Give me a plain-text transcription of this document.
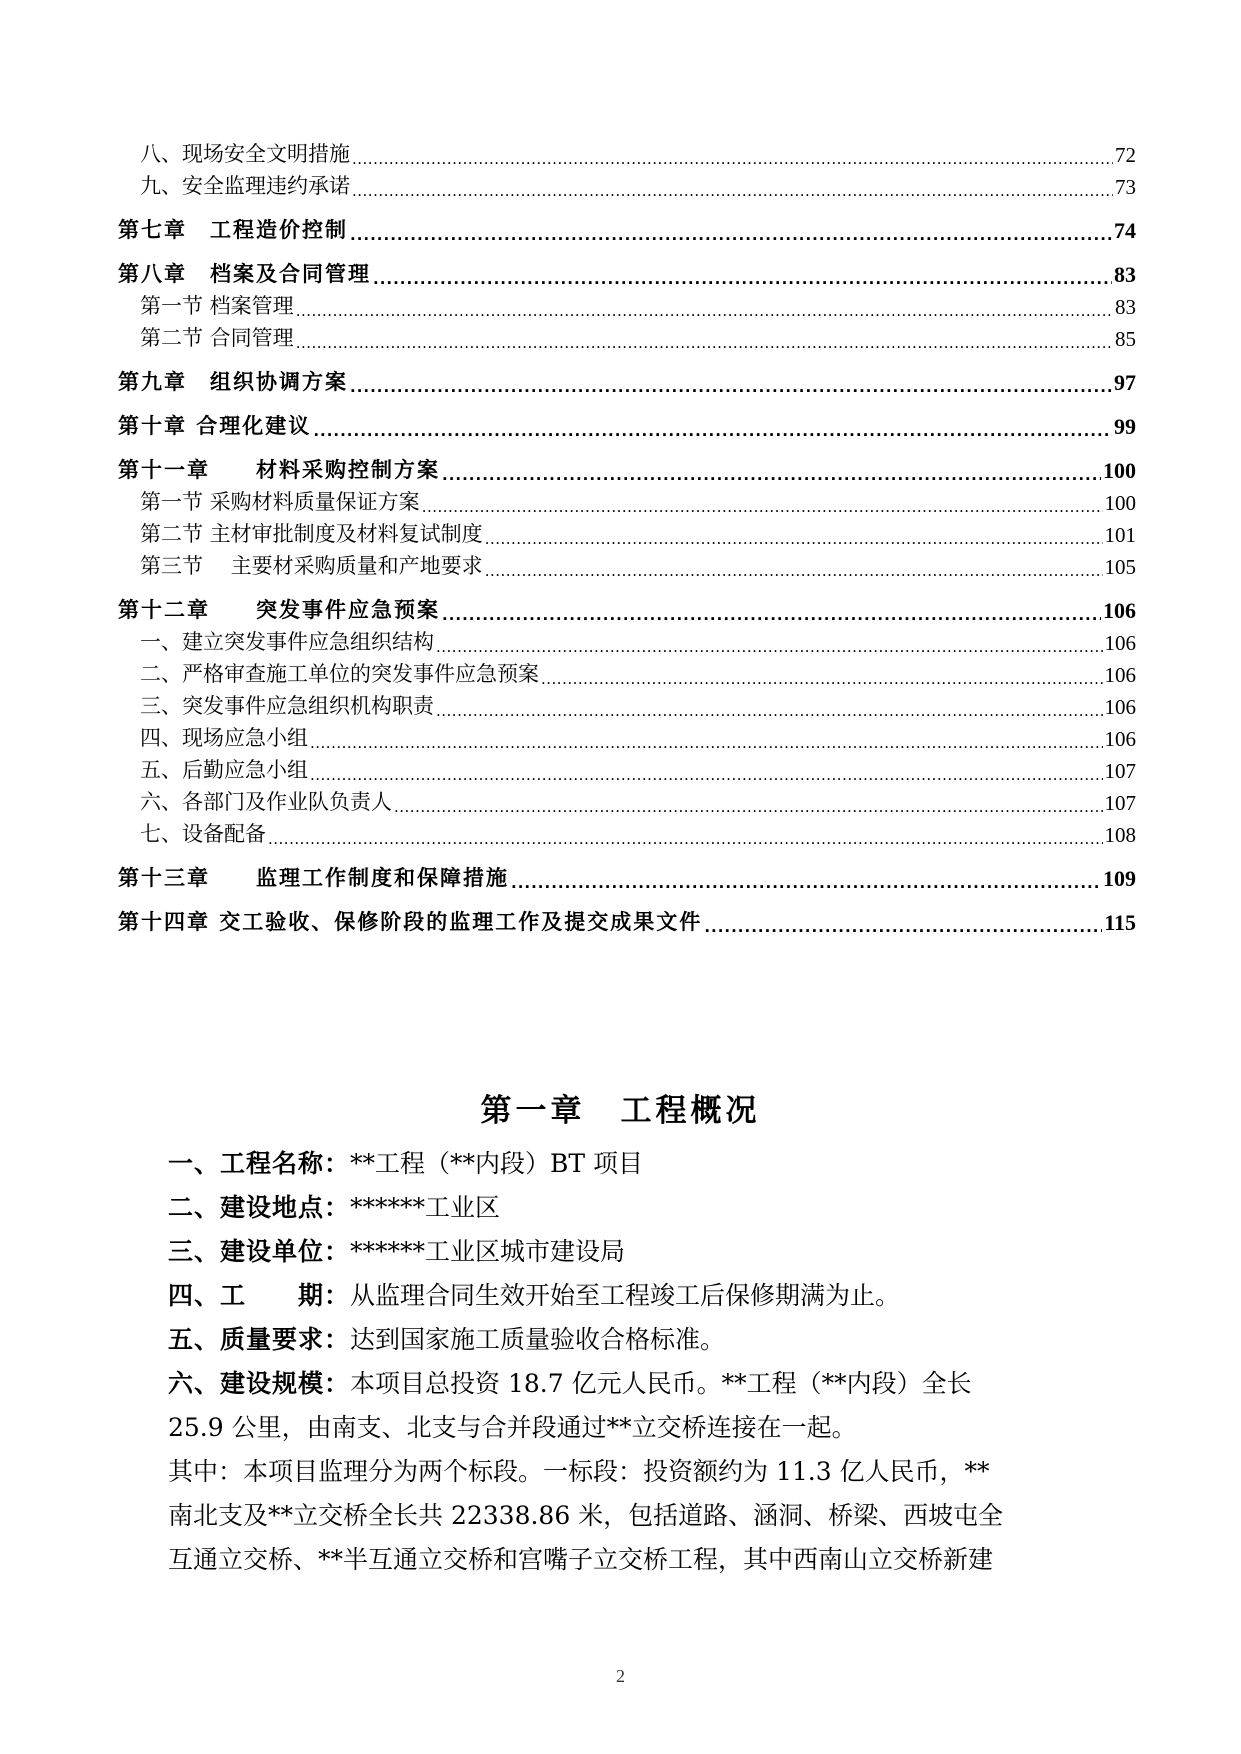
八、现场安全文明措施 .....	72
九、安全监理违约承诺 .....	73
第七章　工程造价控制 .....	74
第八章　档案及合同管理 .....	83
第一节 档案管理 .....	83
第二节 合同管理 .....	85
第九章　组织协调方案 .....	97
第十章 合理化建议 .....	99
第十一章　　材料采购控制方案 .....	100
第一节 采购材料质量保证方案 .....	100
第二节 主材审批制度及材料复试制度 .....	101
第三节　 主要材采购质量和产地要求 .....	105
第十二章　　突发事件应急预案 .....	106
一、建立突发事件应急组织结构 .....	106
二、严格审查施工单位的突发事件应急预案 .....	106
三、突发事件应急组织机构职责 .....	106
四、现场应急小组 .....	106
五、后勤应急小组 .....	107
六、各部门及作业队负责人 .....	107
七、设备配备 .....	108
第十三章　　监理工作制度和保障措施 .....	109
第十四章 交工验收、保修阶段的监理工作及提交成果文件 .....	115
第一章　工程概况
一、工程名称：**工程（**内段）BT 项目
二、建设地点：******工业区
三、建设单位：******工业区城市建设局
四、工　　期：从监理合同生效开始至工程竣工后保修期满为止。
五、质量要求：达到国家施工质量验收合格标准。
六、建设规模：本项目总投资 18.7 亿元人民币。**工程（**内段）全长
25.9 公里，由南支、北支与合并段通过**立交桥连接在一起。
其中：本项目监理分为两个标段。一标段：投资额约为 11.3 亿人民币，**
南北支及**立交桥全长共 22338.86 米，包括道路、涵洞、桥梁、西坡屯全
互通立交桥、**半互通立交桥和宫嘴子立交桥工程，其中西南山立交桥新建
2
